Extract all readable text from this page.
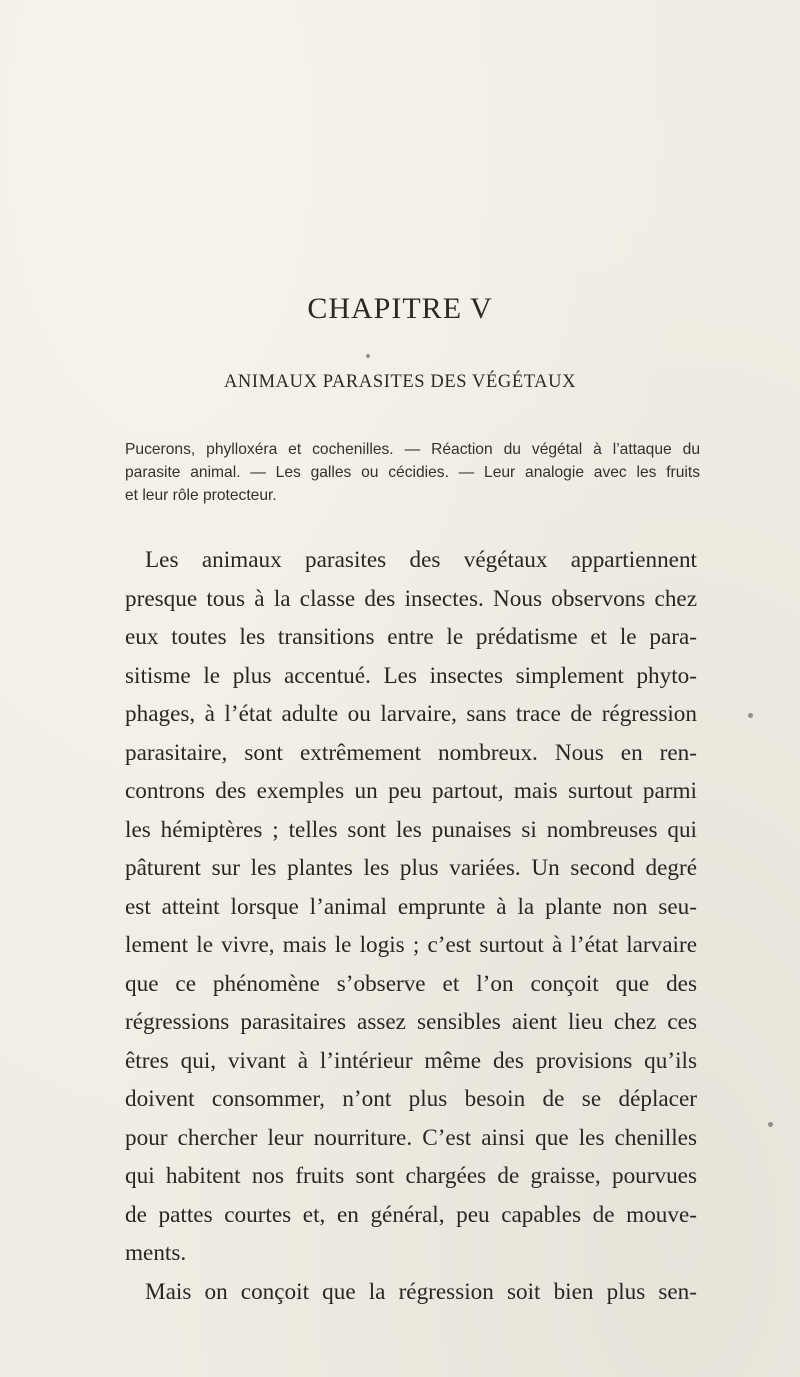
CHAPITRE V
ANIMAUX PARASITES DES VÉGÉTAUX
Pucerons, phylloxéra et cochenilles. — Réaction du végétal à l’attaque du
parasite animal. — Les galles ou cécidies. — Leur analogie avec les fruits
et leur rôle protecteur.
Les animaux parasites des végétaux appartiennent
presque tous à la classe des insectes. Nous observons chez
eux toutes les transitions entre le prédatisme et le para-
sitisme le plus accentué. Les insectes simplement phyto-
phages, à l’état adulte ou larvaire, sans trace de régression
parasitaire, sont extrêmement nombreux. Nous en ren-
controns des exemples un peu partout, mais surtout parmi
les hémiptères ; telles sont les punaises si nombreuses qui
pâturent sur les plantes les plus variées. Un second degré
est atteint lorsque l’animal emprunte à la plante non seu-
lement le vivre, mais le logis ; c’est surtout à l’état larvaire
que ce phénomène s’observe et l’on conçoit que des
régressions parasitaires assez sensibles aient lieu chez ces
êtres qui, vivant à l’intérieur même des provisions qu’ils
doivent consommer, n’ont plus besoin de se déplacer
pour chercher leur nourriture. C’est ainsi que les chenilles
qui habitent nos fruits sont chargées de graisse, pourvues
de pattes courtes et, en général, peu capables de mouve-
ments.
Mais on conçoit que la régression soit bien plus sen-
